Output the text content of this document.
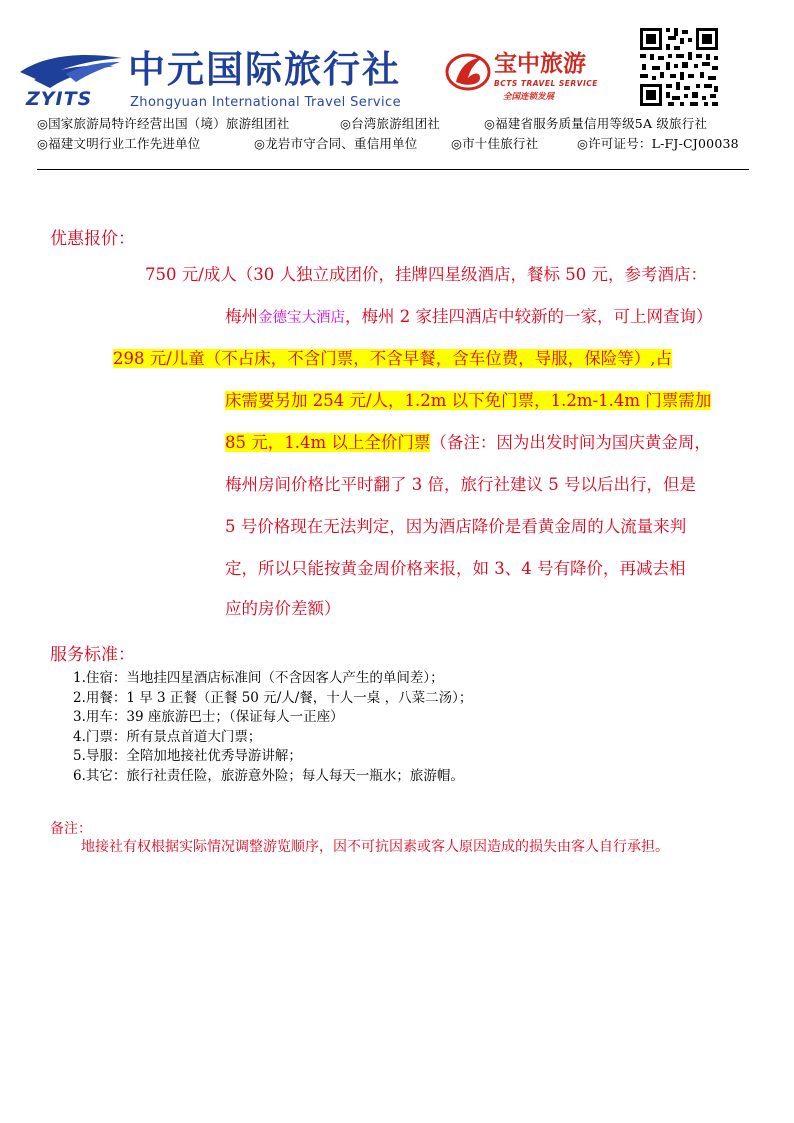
ZYITS
中元国际旅行社
Zhongyuan International Travel Service
宝中旅游
BCTS TRAVEL SERVICE
全国连锁发展
◎国家旅游局特许经营出国（境）旅游组团社	◎台湾旅游组团社	◎福建省服务质量信用等级5A 级旅行社
◎福建文明行业工作先进单位	◎龙岩市守合同、重信用单位	◎市十佳旅行社	◎许可证号：L-FJ-CJ00038
优惠报价：
750 元/成人（30 人独立成团价，挂牌四星级酒店，餐标 50 元，参考酒店：
梅州金德宝大酒店，梅州 2 家挂四酒店中较新的一家，可上网查询）
298 元/儿童（不占床，不含门票，不含早餐，含车位费，导服，保险等）,占
床需要另加 254 元/人，1.2m 以下免门票，1.2m-1.4m 门票需加
85 元，1.4m 以上全价门票（备注：因为出发时间为国庆黄金周，
梅州房间价格比平时翻了 3 倍，旅行社建议 5 号以后出行，但是
5 号价格现在无法判定，因为酒店降价是看黄金周的人流量来判
定，所以只能按黄金周价格来报，如 3、4 号有降价，再减去相
应的房价差额）
服务标准：
1.住宿：当地挂四星酒店标准间（不含因客人产生的单间差）；
2.用餐：1 早 3 正餐（正餐 50 元/人/餐，十人一桌 ，八菜二汤）；
3.用车：39 座旅游巴士；（保证每人一正座）
4.门票：所有景点首道大门票；
5.导服：全陪加地接社优秀导游讲解；
6.其它：旅行社责任险，旅游意外险；每人每天一瓶水；旅游帽。
备注：
地接社有权根据实际情况调整游览顺序，因不可抗因素或客人原因造成的损失由客人自行承担。
